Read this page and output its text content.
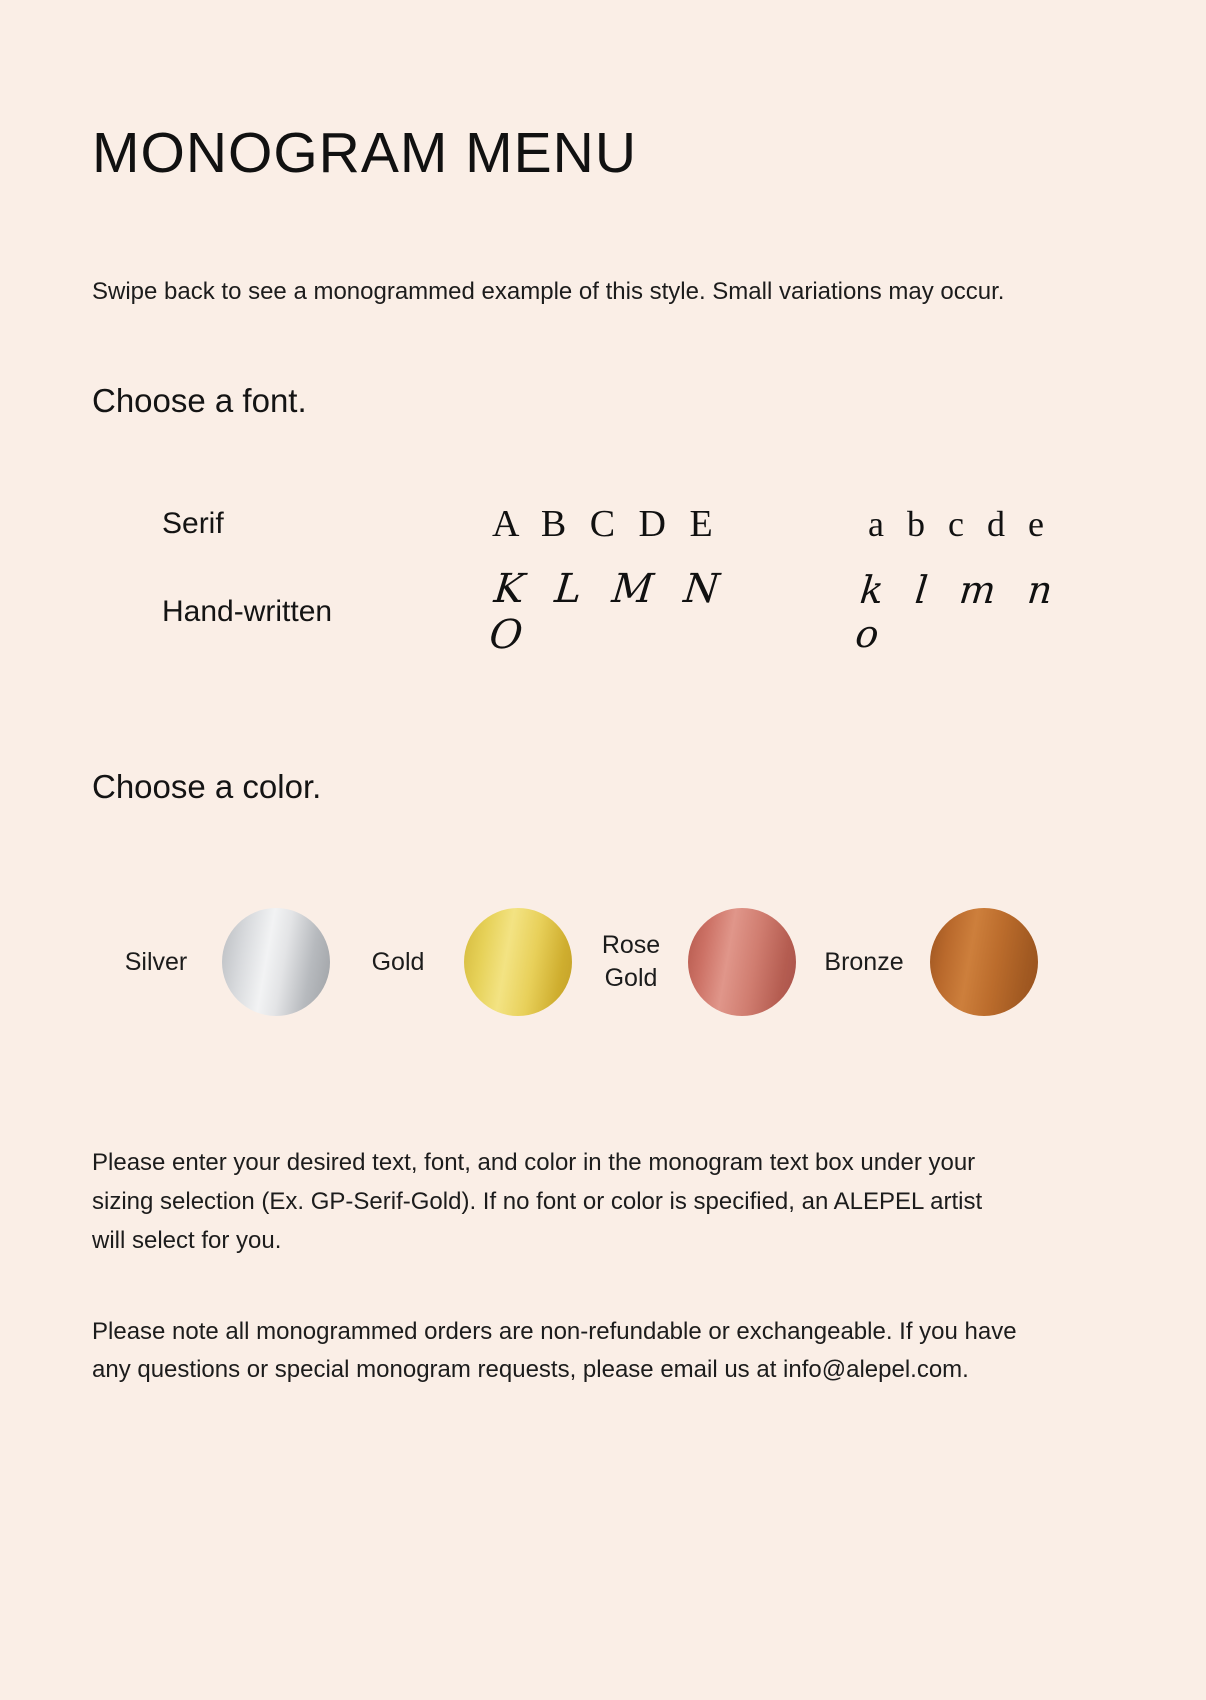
MONOGRAM MENU

Swipe back to see a monogrammed example of this style. Small variations may occur.

Choose a font.
Serif	A B C D E	a b c d e
Hand-written	K L M N O	k l m n o
Choose a color.
Silver	Gold
Rose Gold
Bronze

Please enter your desired text, font, and color in the monogram text box under your sizing selection (Ex. GP-Serif-Gold). If no font or color is specified, an ALEPEL artist will select for you.

Please note all monogrammed orders are non-refundable or exchangeable. If you have any questions or special monogram requests, please email us at info@alepel.com.
